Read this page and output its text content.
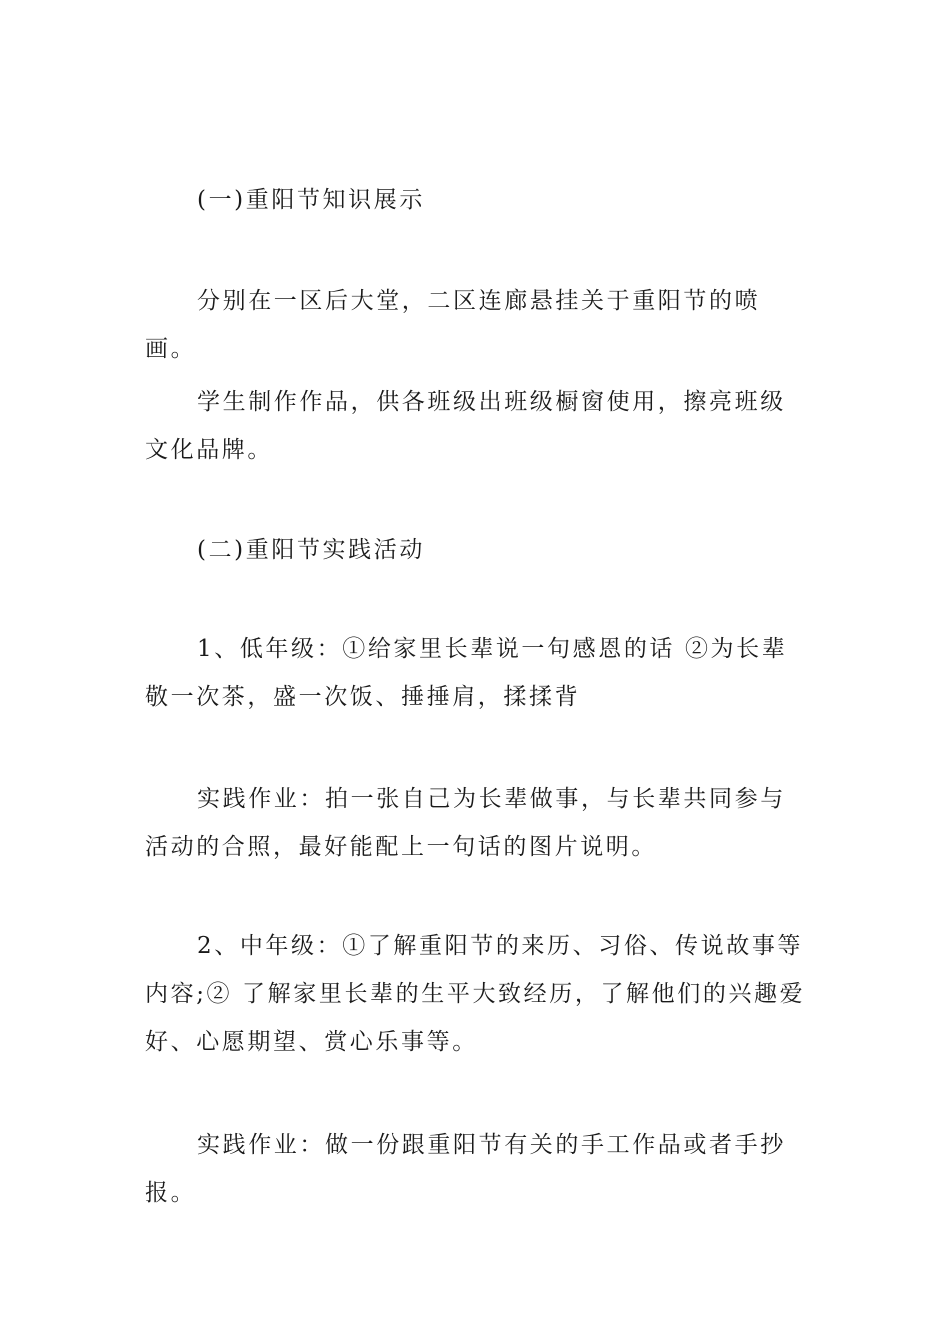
(一)重阳节知识展示

分别在一区后大堂，二区连廊悬挂关于重阳节的喷画。

学生制作作品，供各班级出班级橱窗使用，擦亮班级文化品牌。

(二)重阳节实践活动

1、低年级：①给家里长辈说一句感恩的话 ②为长辈敬一次茶，盛一次饭、捶捶肩，揉揉背

实践作业：拍一张自己为长辈做事，与长辈共同参与活动的合照，最好能配上一句话的图片说明。

2、中年级：①了解重阳节的来历、习俗、传说故事等内容;② 了解家里长辈的生平大致经历，了解他们的兴趣爱好、心愿期望、赏心乐事等。

实践作业：做一份跟重阳节有关的手工作品或者手抄报。
